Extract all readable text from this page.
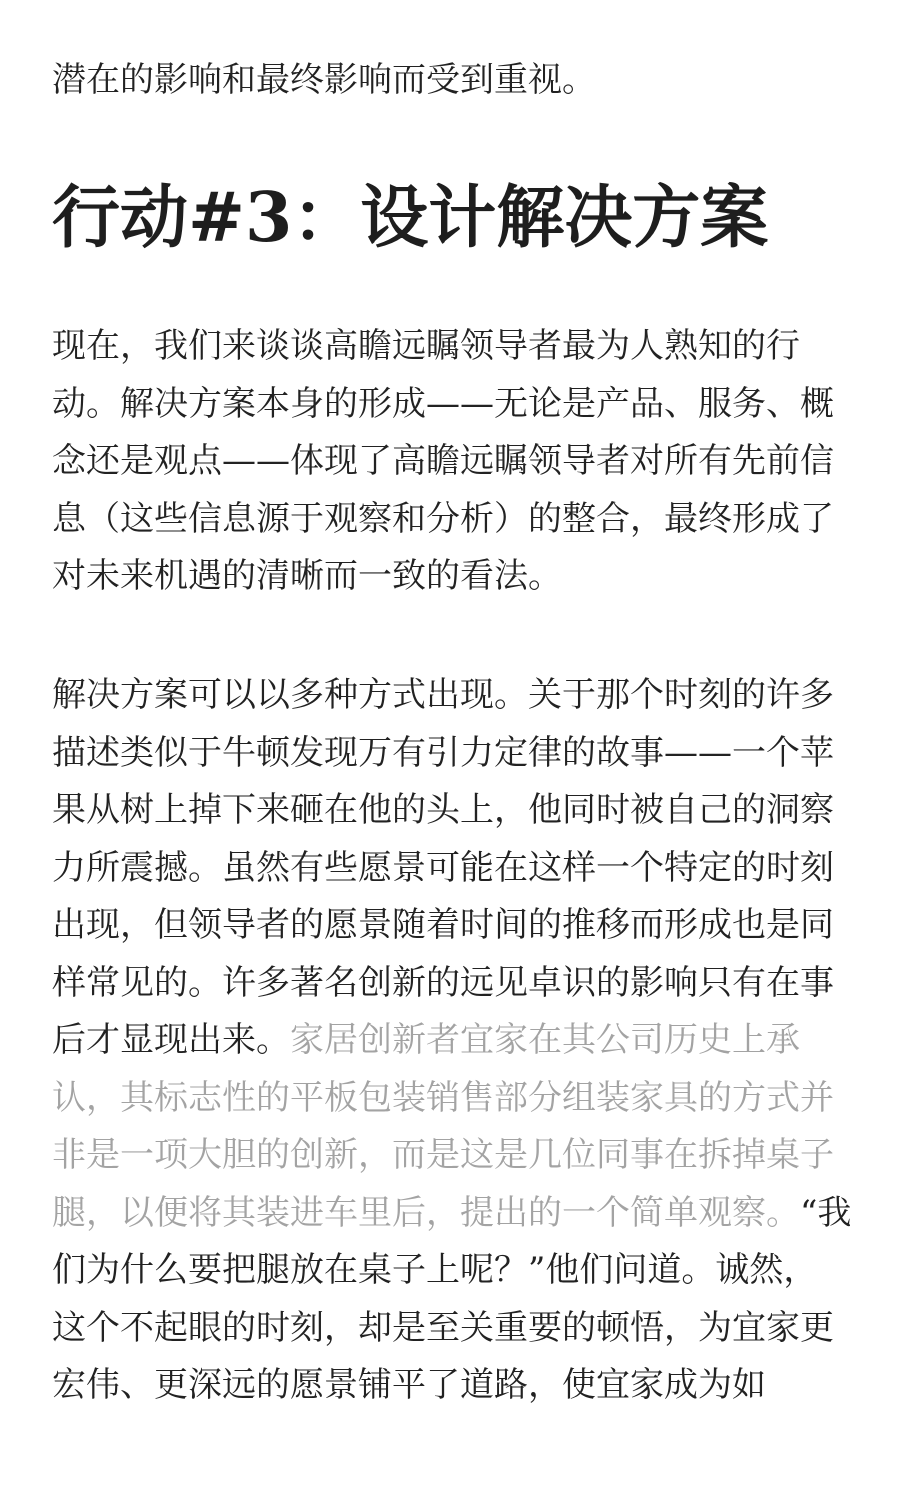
潜在的影响和最终影响而受到重视。

行动#3：设计解决方案

现在，我们来谈谈高瞻远瞩领导者最为人熟知的行

动。解决方案本身的形成——无论是产品、服务、概

念还是观点——体现了高瞻远瞩领导者对所有先前信

息（这些信息源于观察和分析）的整合，最终形成了

对未来机遇的清晰而一致的看法。

解决方案可以以多种方式出现。关于那个时刻的许多

描述类似于牛顿发现万有引力定律的故事——一个苹

果从树上掉下来砸在他的头上，他同时被自己的洞察

力所震撼。虽然有些愿景可能在这样一个特定的时刻

出现，但领导者的愿景随着时间的推移而形成也是同

样常见的。许多著名创新的远见卓识的影响只有在事

后才显现出来。家居创新者宜家在其公司历史上承

认，其标志性的平板包装销售部分组装家具的方式并

非是一项大胆的创新，而是这是几位同事在拆掉桌子

腿，以便将其装进车里后，提出的一个简单观察。“我

们为什么要把腿放在桌子上呢？”他们问道。诚然，

这个不起眼的时刻，却是至关重要的顿悟，为宜家更

宏伟、更深远的愿景铺平了道路，使宜家成为如
